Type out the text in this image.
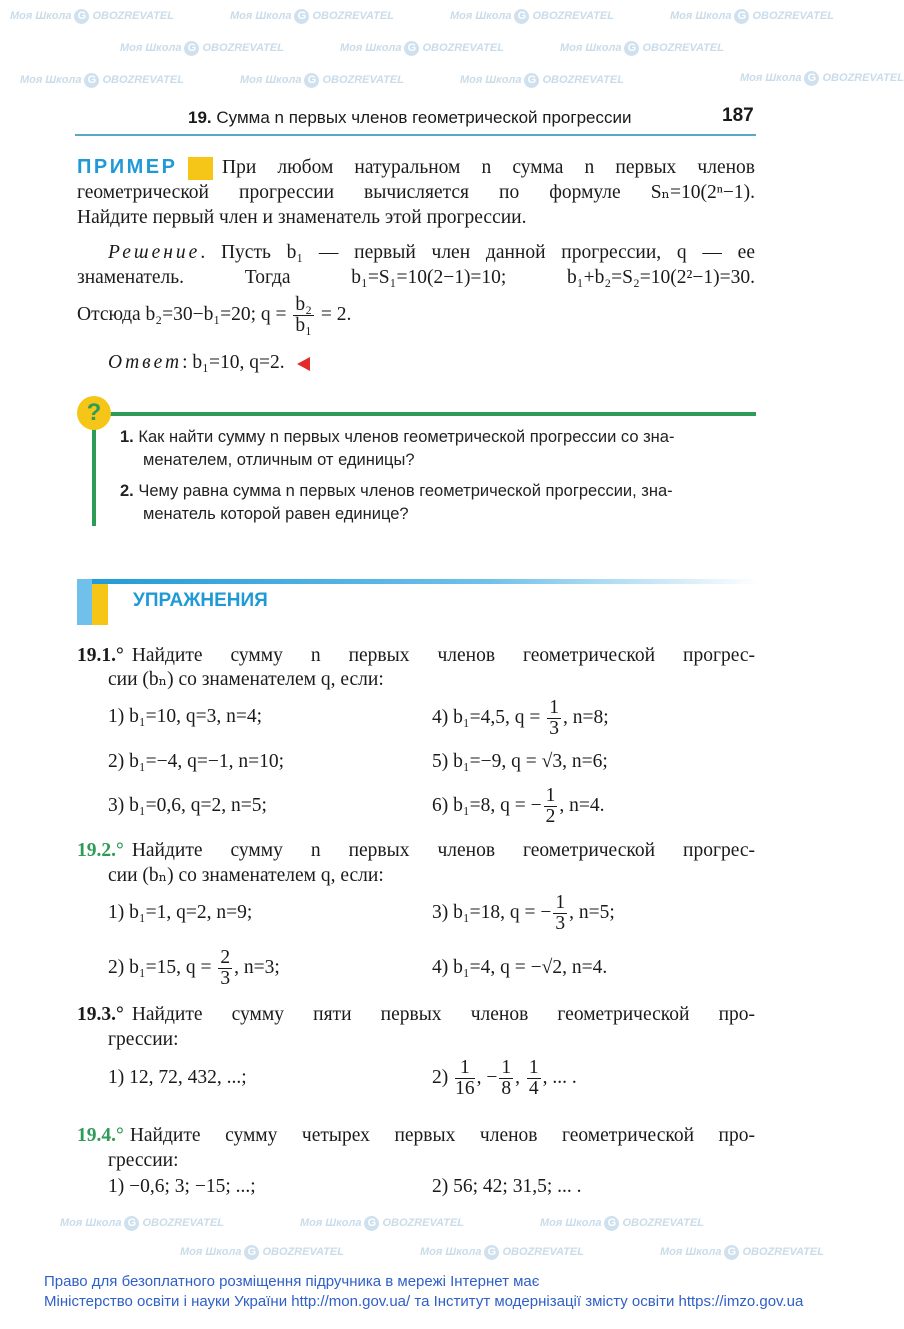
Моя Школа G OBOZREVATEL	Моя Школа G OBOZREVATEL	Моя Школа G OBOZREVATEL	Моя Школа G OBOZREVATEL
Моя Школа G OBOZREVATEL	Моя Школа G OBOZREVATEL	Моя Школа G OBOZREVATEL
Моя Школа G OBOZREVATEL
Моя Школа G OBOZREVATEL	Моя Школа G OBOZREVATEL	Моя Школа G OBOZREVATEL
Моя Школа G OBOZREVATEL	Моя Школа G OBOZREVATEL	Моя Школа G OBOZREVATEL
Моя Школа G OBOZREVATEL	Моя Школа G OBOZREVATEL	Моя Школа G OBOZREVATEL
19. Сумма n первых членов геометрической прогрессии	187
ПРИМЕР При любом натуральном n сумма n первых членов
геометрической прогрессии вычисляется по формуле Sₙ=10(2ⁿ−1).
Найдите первый член и знаменатель этой прогрессии.
Решение . Пусть b₁ — первый член данной прогрессии, q — ее
знаменатель. Тогда b₁=S₁=10(2−1)=10; b₁+b₂=S₂=10(2²−1)=30.
Отсюда b₂=30−b₁=20; $q = \frac{\text{b₂}}{\text{b₁}} = 2$.
Ответ: b₁=10, q=2.
?
1. Как найти сумму n первых членов геометрической прогрессии со зна-
менателем, отличным от единицы?
2. Чему равна сумма n первых членов геометрической прогрессии, зна-
менатель которой равен единице?
УПРАЖНЕНИЯ
19.1.° Найдите сумму n первых членов геометрической прогрес-
сии (bₙ) со знаменателем q, если:
1) b₁=10, q=3, n=4;
2) b₁=−4, q=−1, n=10;
3) b₁=0,6, q=2, n=5;
4) b₁=4,5, $q = \frac{1}{3}$ , n=8;
5) b₁=−9, q = √3, n=6;
6) b₁=8, q = − $\frac{1}{2}$ , n=4.
19.2.° Найдите сумму n первых членов геометрической прогрес-
сии (bₙ) со знаменателем q, если:
1) b₁=1, q=2, n=9;
2) b₁=15, $q = \frac{2}{3}$ , n=3;
3) b₁=18, q = − $\frac{1}{3}$ , n=5;
4) b₁=4, q = −√2, n=4.
19.3.° Найдите сумму пяти первых членов геометрической про-
грессии:
1) 12, 72, 432, ...;	$2) \frac{1}{16}$ , − $\frac{1}{8}$ , $\frac{1}{4}$ , ... .
19.4.° Найдите сумму четырех первых членов геометрической про-
грессии:
1) −0,6; 3; −15; ...;	2) 56; 42; 31,5; ... .
Право для безоплатного розміщення підручника в мережі Інтернет має
Міністерство освіти і науки України http://mon.gov.ua/ та Інститут модернізації змісту освіти https://imzo.gov.ua
